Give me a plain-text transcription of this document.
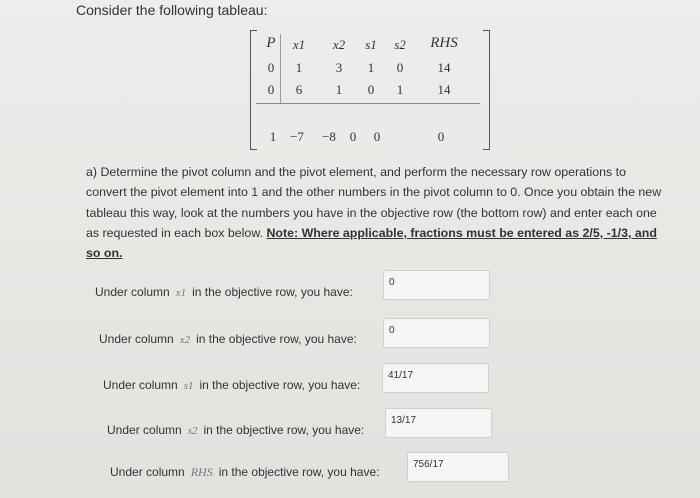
Consider the following tableau:
P	x1	x2	s1	s2	RHS
0	1	3	1	0	14
0	6	1	0	1	14
1	−7	−8	0	0	0
a) Determine the pivot column and the pivot element, and perform the necessary row operations to convert the pivot element into 1 and the other numbers in the pivot column to 0. Once you obtain the new tableau this way, look at the numbers you have in the objective row (the bottom row) and enter each one as requested in each box below. Note: Where applicable, fractions must be entered as 2/5, -1/3, and so on.
Under column x1 in the objective row, you have:
0
Under column x2 in the objective row, you have:
0
Under column s1 in the objective row, you have:
41/17
Under column s2 in the objective row, you have:
13/17
Under column RHS in the objective row, you have:
756/17
